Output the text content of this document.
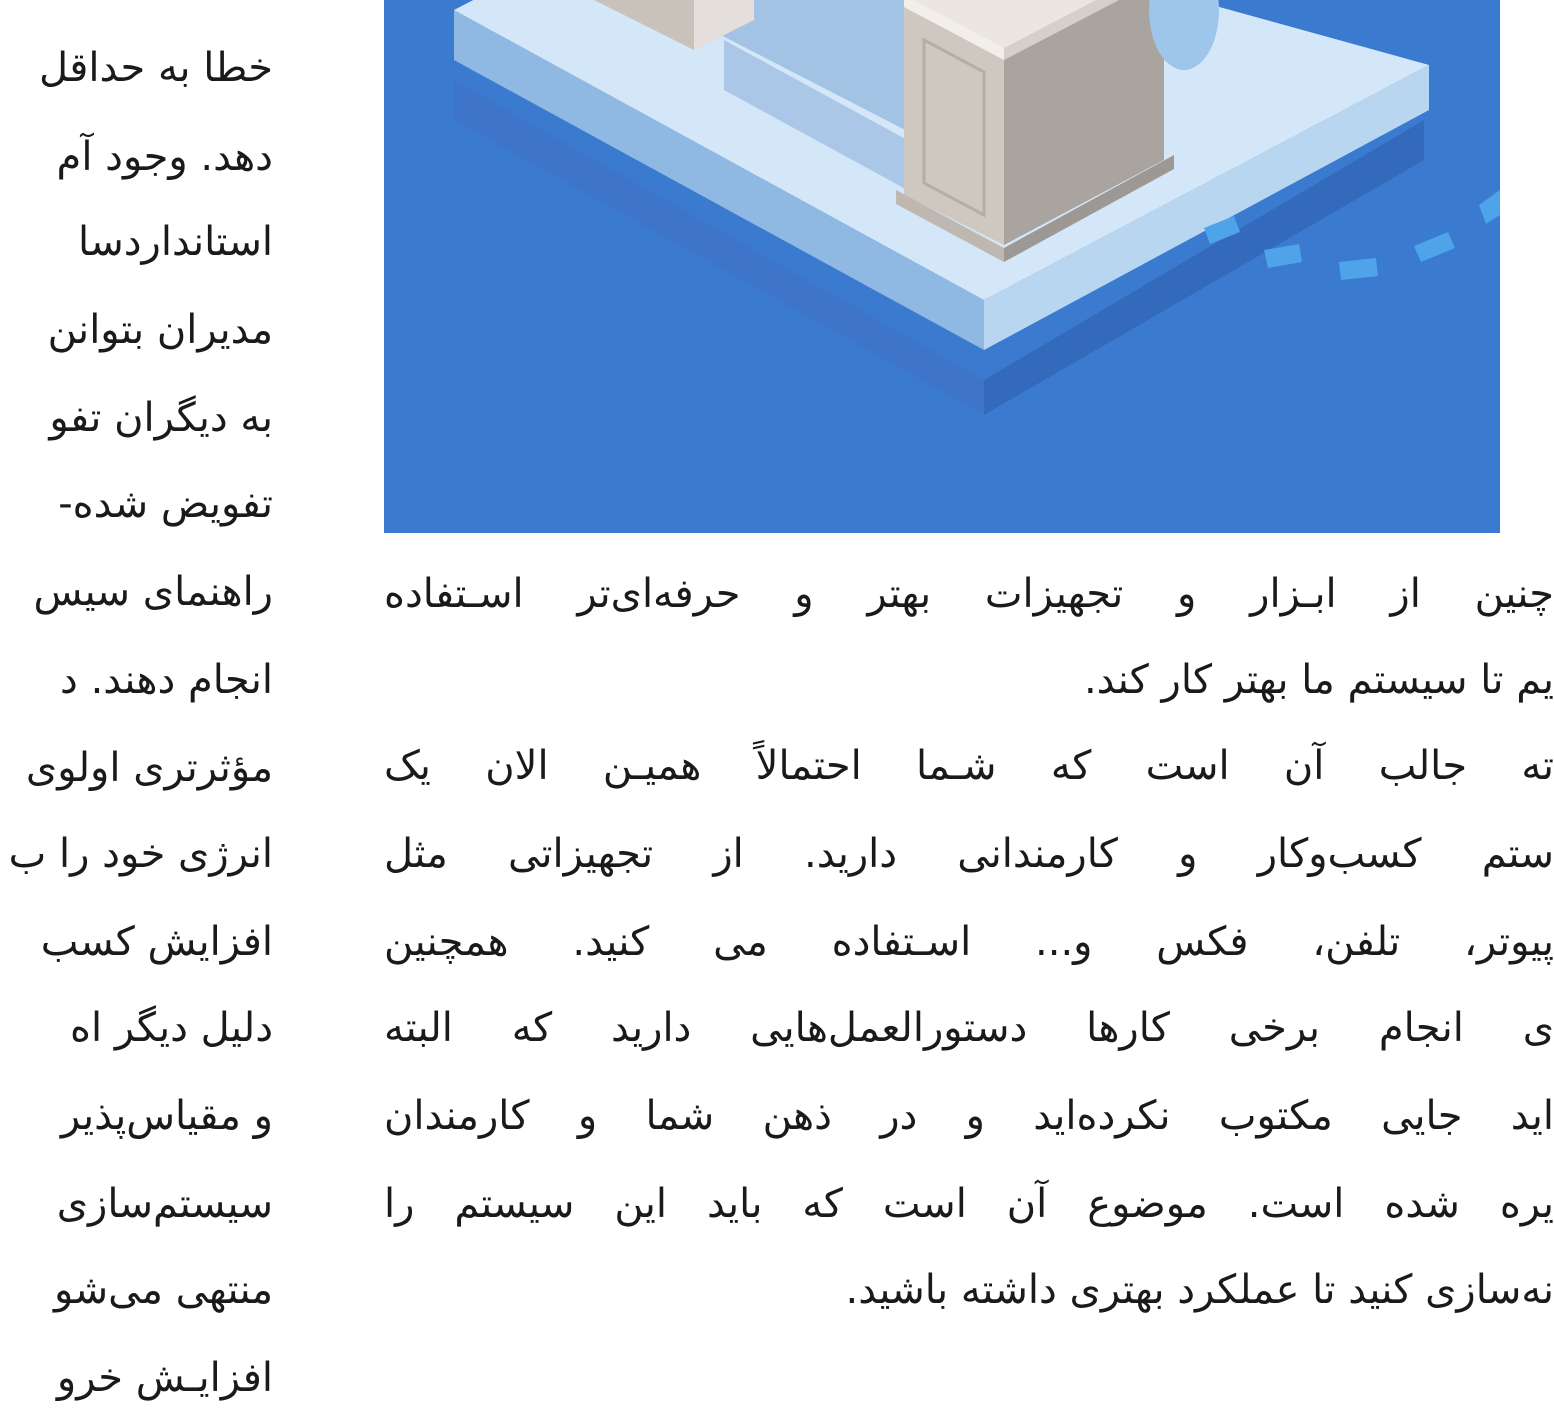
خطا به حداقل
دهد. وجود آم
استانداردسا
مدیران بتوانن
به دیگران تفو
تفویض شده-
راهنمای سیس
انجام دهند. د
مؤثرتری اولوی
انرژی خود را ب
افزایش کسب
دلیل دیگر اه
و مقیاس‌پذیر
سیستم‌سازی
منتهی می‌شو
افزایـش خرو
چنین از ابـزار و تجهیزات بهتر و حرفه‌ای‌تر اسـتفاده
یم تا سیستم ما بهتر کار کند.
ته جالب آن است که شـما احتمالاً همیـن الان یک
ستم کسب‌وکار و کارمندانی دارید. از تجهیزاتی مثل
پیوتر، تلفن، فکس و... اسـتفاده می کنید. همچنین
ی انجام برخی کارها دستورالعمل‌هایی دارید که البته
اید جایی مکتوب نکرده‌اید و در ذهن شما و کارمندان
یره شده است. موضوع آن است که باید این سیستم را
نه‌سازی کنید تا عملکرد بهتری داشته باشید.
